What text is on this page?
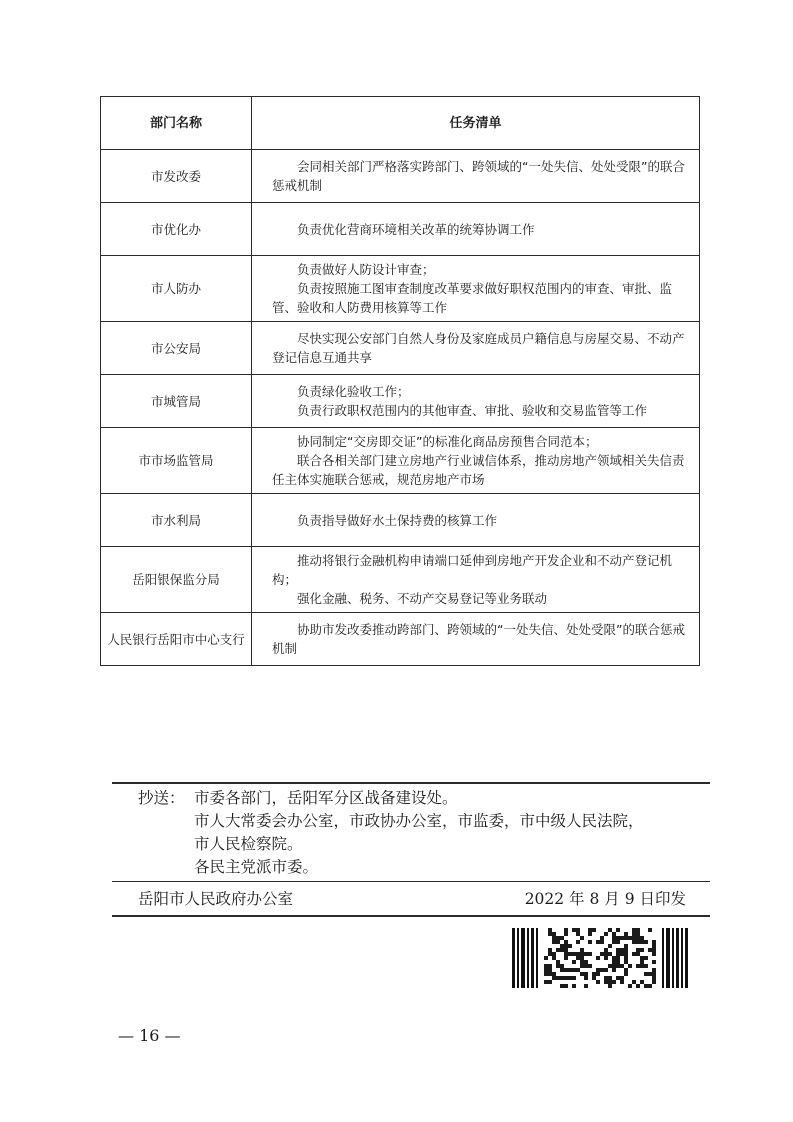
部门名称	任务清单
市发改委	会同相关部门严格落实跨部门、跨领域的“一处失信、处处受限”的联合惩戒机制

市优化办	负责优化营商环境相关改革的统筹协调工作

市人防办	负责做好人防设计审查；
负责按照施工图审查制度改革要求做好职权范围内的审查、审批、监管、验收和人防费用核算等工作

市公安局	尽快实现公安部门自然人身份及家庭成员户籍信息与房屋交易、不动产登记信息互通共享

市城管局	负责绿化验收工作；
负责行政职权范围内的其他审查、审批、验收和交易监管等工作

市市场监管局	协同制定“交房即交证”的标准化商品房预售合同范本；
联合各相关部门建立房地产行业诚信体系，推动房地产领域相关失信责任主体实施联合惩戒，规范房地产市场

市水利局	负责指导做好水土保持费的核算工作

岳阳银保监分局	推动将银行金融机构申请端口延伸到房地产开发企业和不动产登记机构；
强化金融、税务、不动产交易登记等业务联动

人民银行岳阳市中心支行	协助市发改委推动跨部门、跨领域的“一处失信、处处受限”的联合惩戒机制
抄送： 市委各部门，岳阳军分区战备建设处。
市人大常委会办公室，市政协办公室，市监委，市中级人民法院，
市人民检察院。
各民主党派市委。
岳阳市人民政府办公室	2022 年 8 月 9 日印发
— 16 —
